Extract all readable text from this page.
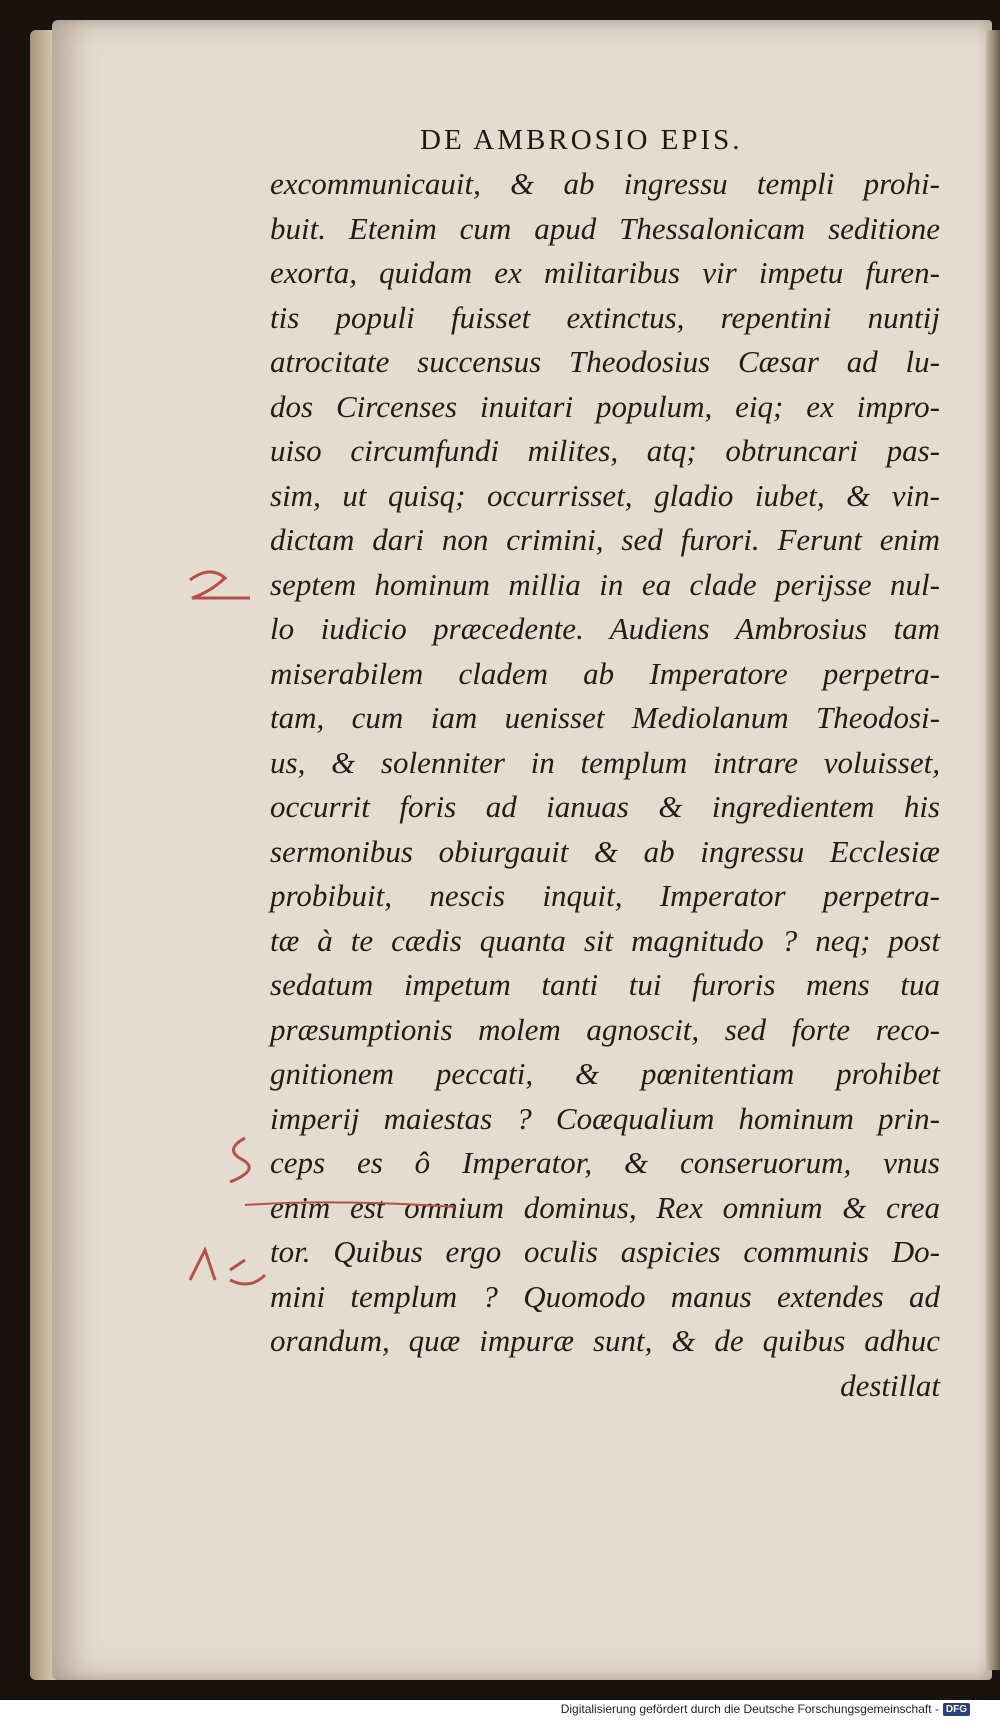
DE AMBROSIO EPIS.
excommunicauit, & ab ingressu templi prohi-
buit. Etenim cum apud Thessalonicam seditione
exorta, quidam ex militaribus vir impetu furen-
tis populi fuisset extinctus, repentini nuntij
atrocitate succensus Theodosius Cæsar ad lu-
dos Circenses inuitari populum, eiq; ex impro-
uiso circumfundi milites, atq; obtruncari pas-
sim, ut quisq; occurrisset, gladio iubet, & vin-
dictam dari non crimini, sed furori. Ferunt enim
septem hominum millia in ea clade perijsse nul-
lo iudicio præcedente. Audiens Ambrosius tam
miserabilem cladem ab Imperatore perpetra-
tam, cum iam uenisset Mediolanum Theodosi-
us, & solenniter in templum intrare voluisset,
occurrit foris ad ianuas & ingredientem his
sermonibus obiurgauit & ab ingressu Ecclesiæ
probibuit, nescis inquit, Imperator perpetra-
tæ à te cædis quanta sit magnitudo ? neq; post
sedatum impetum tanti tui furoris mens tua
præsumptionis molem agnoscit, sed forte reco-
gnitionem peccati, & pœnitentiam prohibet
imperij maiestas ? Coæqualium hominum prin-
ceps es ô Imperator, & conseruorum, vnus
enim est omnium dominus, Rex omnium & crea
tor. Quibus ergo oculis aspicies communis Do-
mini templum ? Quomodo manus extendes ad
orandum, quæ impuræ sunt, & de quibus adhuc
destillat
Digitalisierung gefördert durch die Deutsche Forschungsgemeinschaft - DFG
